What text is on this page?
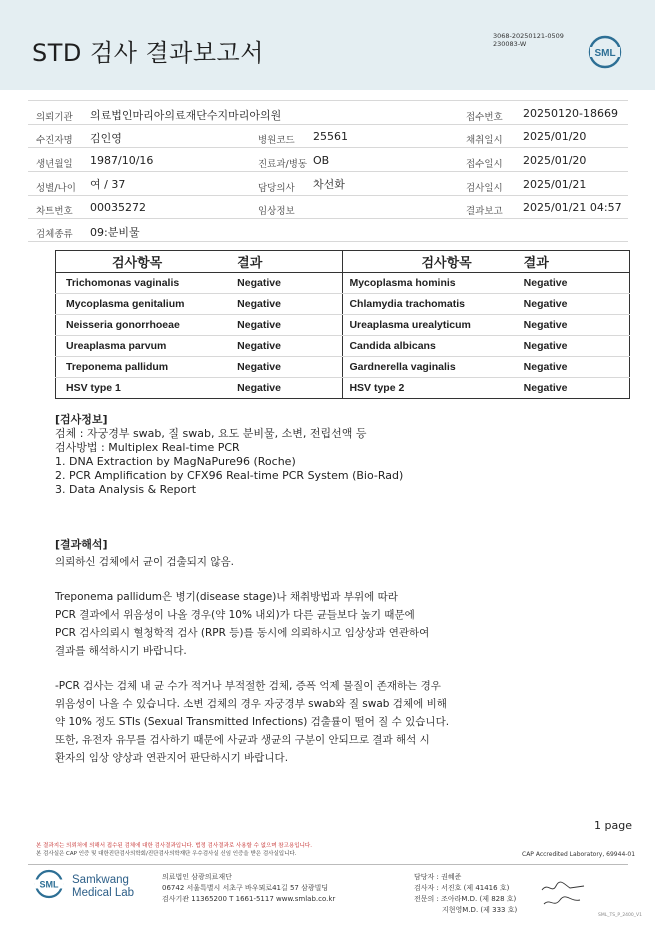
STD 검사 결과보고서
3068-20250121-0509
230083-W
SML
의뢰기관 의료법인마리아의료재단수지마리아의원	접수번호 20250120-18669
수진자명 김인영	병원코드 25561	채취일시 2025/01/20
생년월일 1987/10/16	진료과/병동 OB	접수일시 2025/01/20
성별/나이 여 / 37	담당의사 차선화	검사일시 2025/01/21
차트번호 00035272	임상정보	결과보고 2025/01/21 04:57
검체종류 09:분비물
검사항목	결과	검사항목	결과
Trichomonas vaginalis	Negative	Mycoplasma hominis	Negative
Mycoplasma genitalium	Negative	Chlamydia trachomatis	Negative
Neisseria gonorrhoeae	Negative	Ureaplasma urealyticum	Negative
Ureaplasma parvum	Negative	Candida albicans	Negative
Treponema pallidum	Negative	Gardnerella vaginalis	Negative
HSV type 1	Negative	HSV type 2	Negative
[검사정보]
검체 : 자궁경부 swab, 질 swab, 요도 분비물, 소변, 전립선액 등
검사방법 : Multiplex Real-time PCR
1. DNA Extraction by MagNaPure96 (Roche)
2. PCR Amplification by CFX96 Real-time PCR System (Bio-Rad)
3. Data Analysis & Report
[결과해석]
의뢰하신 검체에서 균이 검출되지 않음.
Treponema pallidum은 병기(disease stage)나 채취방법과 부위에 따라
PCR 결과에서 위음성이 나올 경우(약 10% 내외)가 다른 균들보다 높기 때문에
PCR 검사의뢰시 혈청학적 검사 (RPR 등)를 동시에 의뢰하시고 임상상과 연관하여
결과를 해석하시기 바랍니다.
-PCR 검사는 검체 내 균 수가 적거나 부적절한 검체, 증폭 억제 물질이 존재하는 경우
위음성이 나올 수 있습니다. 소변 검체의 경우 자궁경부 swab와 질 swab 검체에 비해
약 10% 정도 STIs (Sexual Transmitted Infections) 검출률이 떨어 질 수 있습니다.
또한, 유전자 유무를 검사하기 때문에 사균과 생균의 구분이 안되므로 결과 해석 시
환자의 임상 양상과 연관지어 판단하시기 바랍니다.
1 page
본 결과지는 의뢰처에 의해서 접수된 검체에 대한 검사결과입니다. 법정 검사결과로 사용할 수 없으며 참고용입니다.
본 검사실은 CAP 인증 및 대한진단검사의학회/진단검사의학재단 우수검사실 신임 인증을 받은 검사실입니다.	CAP Accredited Laboratory, 69944-01
SML Samkwang
Medical Lab
의료법인 삼광의료재단
06742 서울특별시 서초구 바우뫼로41길 57 삼광빌딩
검사기관 11365200 T 1661-5117 www.smlab.co.kr
담당자 : 권혜준
검사자 : 서진호 (제 41416 호)
전문의 : 조아라M.D. (제 828 호)
지현영M.D. (제 333 호)
SML_TS_P_2400_V1
